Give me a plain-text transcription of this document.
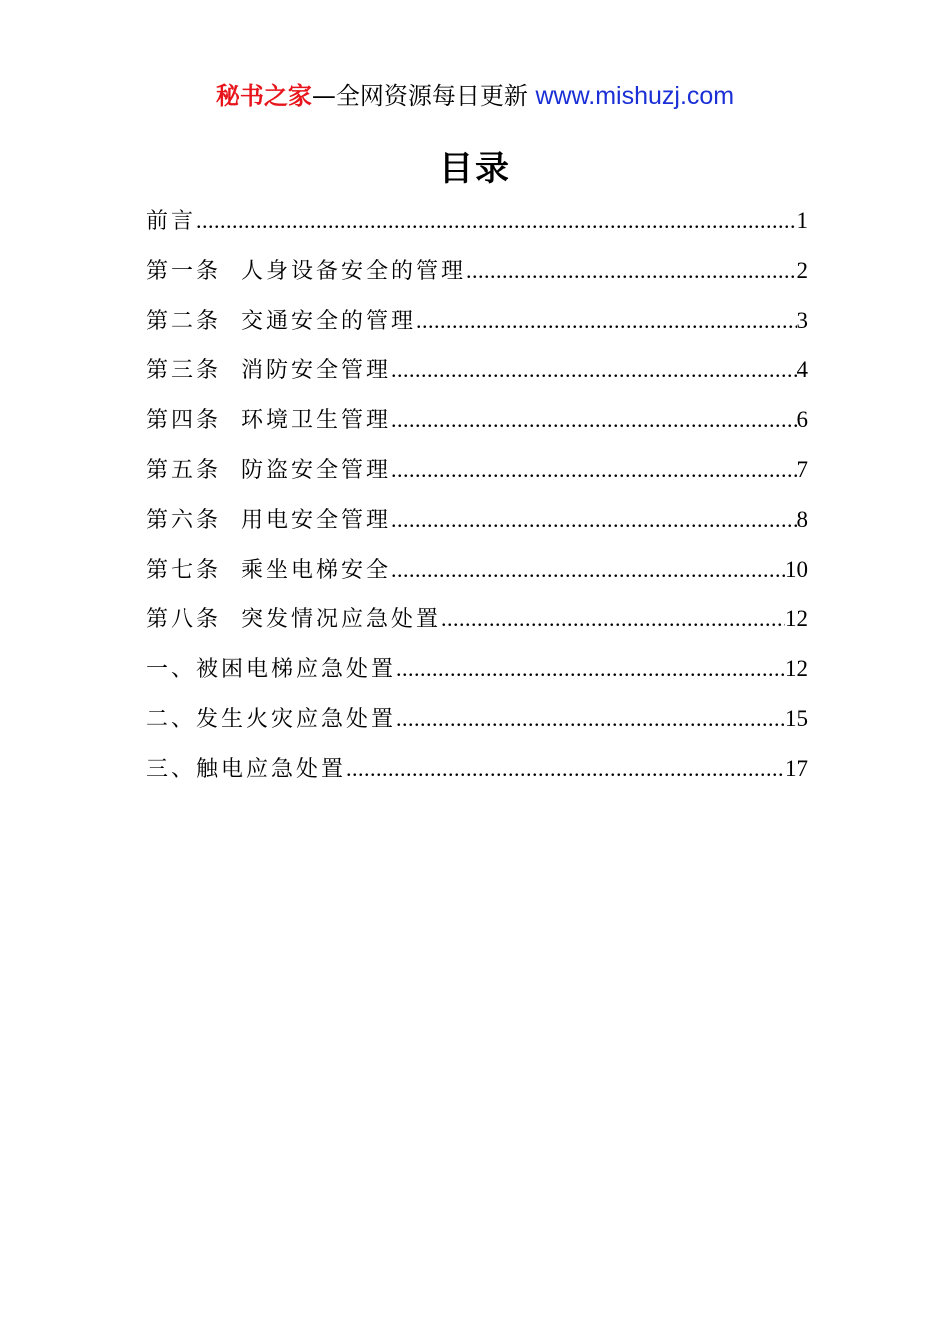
秘书之家—全网资源每日更新 www.mishuzj.com
目录
前言 .....	1
第一条  人身设备安全的管理 .....	2
第二条  交通安全的管理 .....	3
第三条  消防安全管理 .....	4
第四条  环境卫生管理 .....	6
第五条  防盗安全管理 .....	7
第六条  用电安全管理 .....	8
第七条  乘坐电梯安全 .....	10
第八条  突发情况应急处置 .....	12
一、被困电梯应急处置 .....	12
二、发生火灾应急处置 .....	15
三、触电应急处置 .....	17
